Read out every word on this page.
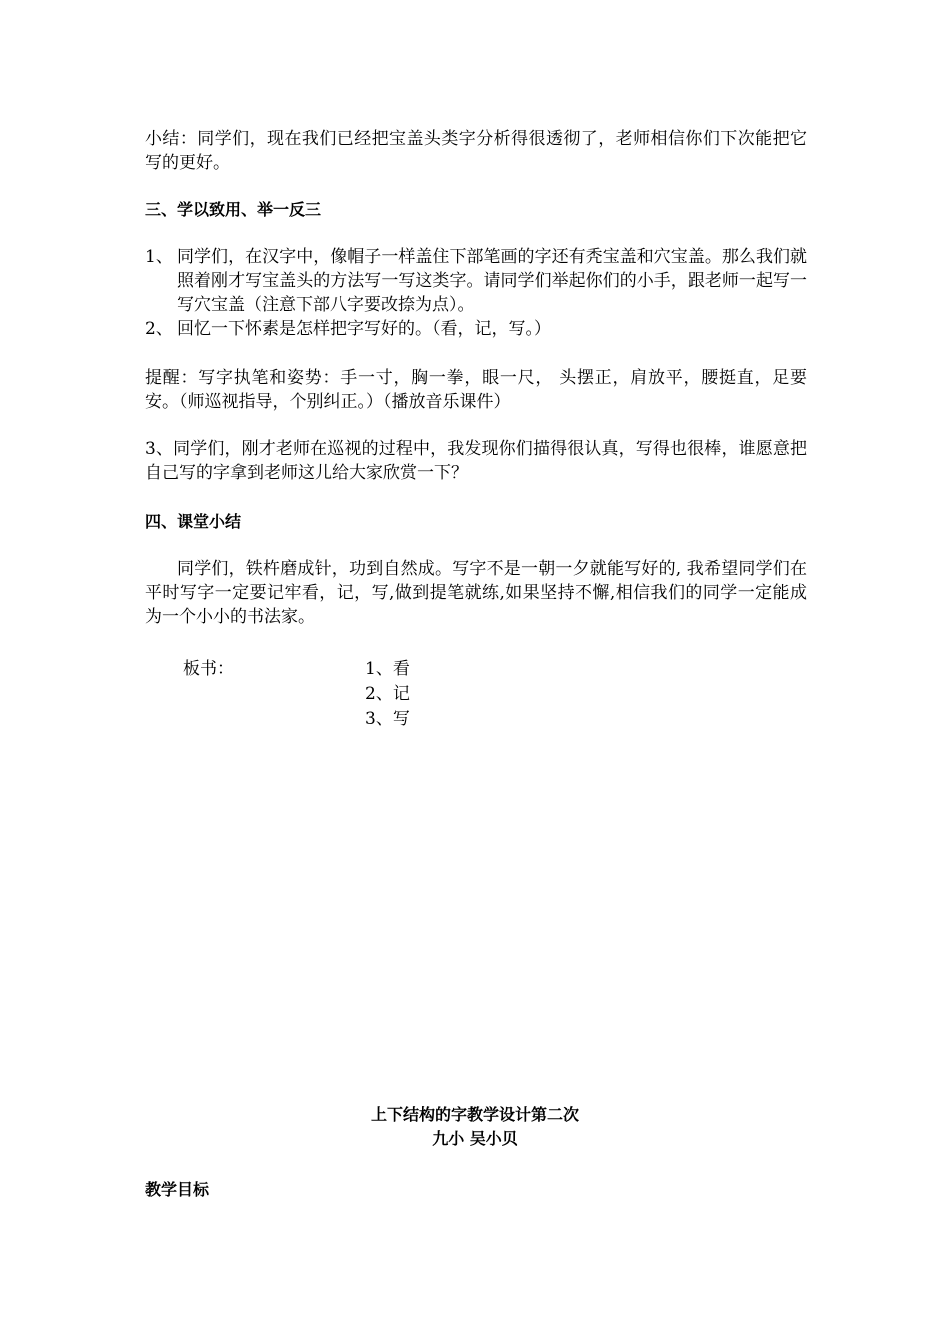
小结：同学们，现在我们已经把宝盖头类字分析得很透彻了，老师相信你们下次能把它写的更好。

三、学以致用、举一反三

1、 同学们，在汉字中，像帽子一样盖住下部笔画的字还有秃宝盖和穴宝盖。那么我们就照着刚才写宝盖头的方法写一写这类字。请同学们举起你们的小手，跟老师一起写一写穴宝盖（注意下部八字要改捺为点）。

2、 回忆一下怀素是怎样把字写好的。（看，记，写。）

提醒：写字执笔和姿势：手一寸，胸一拳，眼一尺， 头摆正，肩放平，腰挺直，足要安。（师巡视指导，个别纠正。）（播放音乐课件）

3、同学们，刚才老师在巡视的过程中，我发现你们描得很认真，写得也很棒，谁愿意把自己写的字拿到老师这儿给大家欣赏一下？

四、课堂小结

同学们，铁杵磨成针，功到自然成。写字不是一朝一夕就能写好的, 我希望同学们在平时写字一定要记牢看，记，写,做到提笔就练,如果坚持不懈,相信我们的同学一定能成为一个小小的书法家。

板书：	1、看
2、记
3、写
上下结构的字教学设计第二次
九小 吴小贝

教学目标
